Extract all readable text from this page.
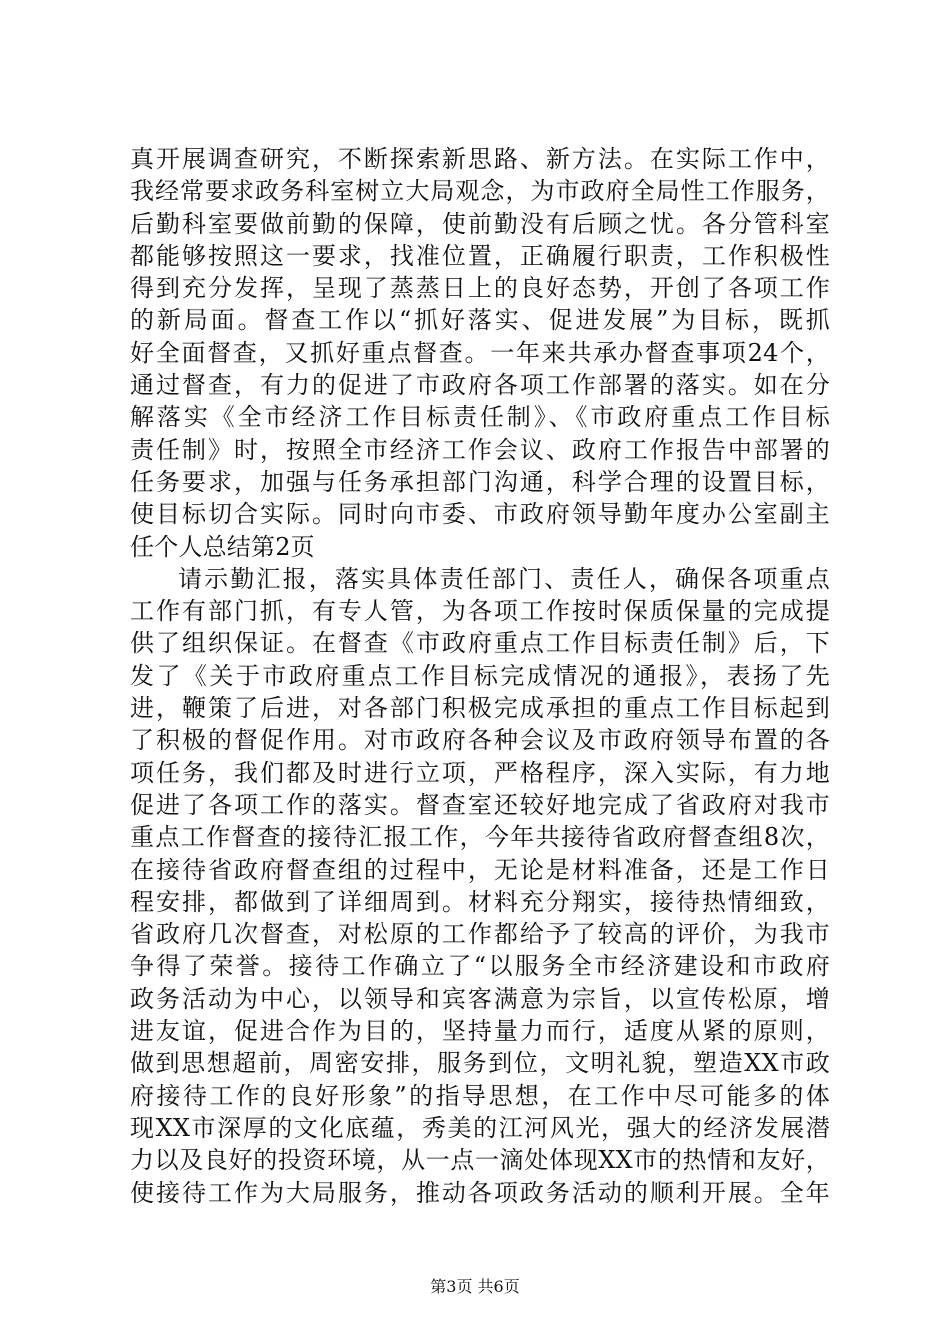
真开展调查研究，不断探索新思路、新方法。在实际工作中，
我经常要求政务科室树立大局观念，为市政府全局性工作服务，
后勤科室要做前勤的保障，使前勤没有后顾之忧。各分管科室
都能够按照这一要求，找准位置，正确履行职责，工作积极性
得到充分发挥，呈现了蒸蒸日上的良好态势，开创了各项工作
的新局面。督查工作以“抓好落实、促进发展”为目标，既抓
好全面督查，又抓好重点督查。一年来共承办督查事项24个，
通过督查，有力的促进了市政府各项工作部署的落实。如在分
解落实《全市经济工作目标责任制》、《市政府重点工作目标
责任制》时，按照全市经济工作会议、政府工作报告中部署的
任务要求，加强与任务承担部门沟通，科学合理的设置目标，
使目标切合实际。同时向市委、市政府领导勤年度办公室副主
任个人总结第2页
请示勤汇报，落实具体责任部门、责任人，确保各项重点
工作有部门抓，有专人管，为各项工作按时保质保量的完成提
供了组织保证。在督查《市政府重点工作目标责任制》后，下
发了《关于市政府重点工作目标完成情况的通报》，表扬了先
进，鞭策了后进，对各部门积极完成承担的重点工作目标起到
了积极的督促作用。对市政府各种会议及市政府领导布置的各
项任务，我们都及时进行立项，严格程序，深入实际，有力地
促进了各项工作的落实。督查室还较好地完成了省政府对我市
重点工作督查的接待汇报工作，今年共接待省政府督查组8次，
在接待省政府督查组的过程中，无论是材料准备，还是工作日
程安排，都做到了详细周到。材料充分翔实，接待热情细致，
省政府几次督查，对松原的工作都给予了较高的评价，为我市
争得了荣誉。接待工作确立了“以服务全市经济建设和市政府
政务活动为中心，以领导和宾客满意为宗旨，以宣传松原，增
进友谊，促进合作为目的，坚持量力而行，适度从紧的原则，
做到思想超前，周密安排，服务到位，文明礼貌，塑造XX市政
府接待工作的良好形象”的指导思想，在工作中尽可能多的体
现XX市深厚的文化底蕴，秀美的江河风光，强大的经济发展潜
力以及良好的投资环境，从一点一滴处体现XX市的热情和友好，
使接待工作为大局服务，推动各项政务活动的顺利开展。全年
第3页 共6页
